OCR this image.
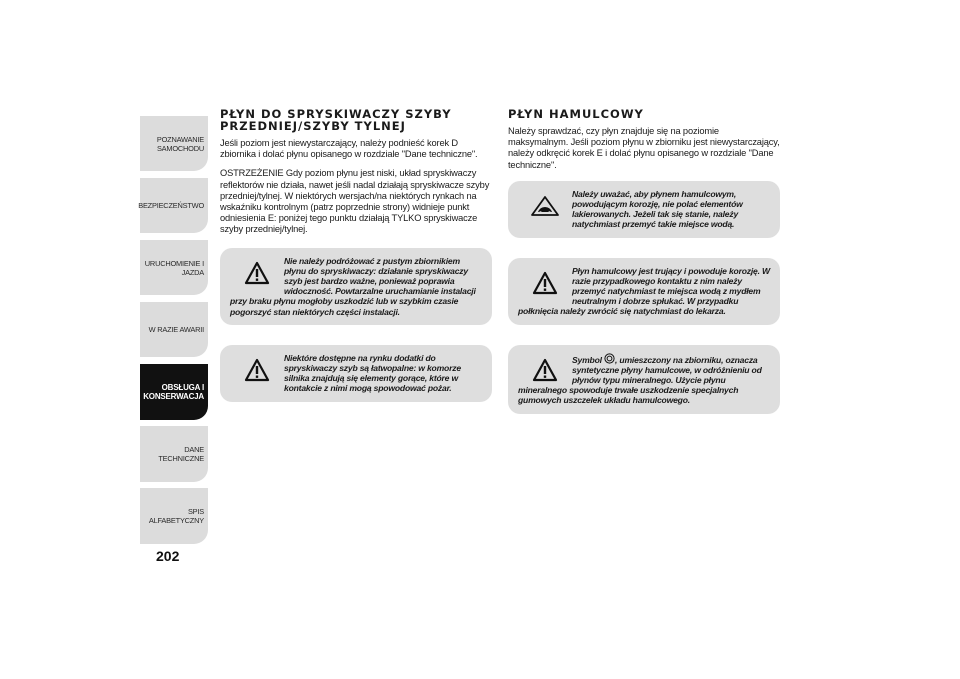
POZNAWANIE
SAMOCHODU
BEZPIECZEŃSTWO
URUCHOMIENIE I
JAZDA
W RAZIE AWARII
OBSŁUGA I
KONSERWACJA
DANE TECHNICZNE
SPIS ALFABETYCZNY
202
PŁYN DO SPRYSKIWACZY SZYBY PRZEDNIEJ/SZYBY TYLNEJ

Jeśli poziom jest niewystarczający, należy podnieść korek D zbiornika i dolać płynu opisanego w rozdziale "Dane techniczne".

OSTRZEŻENIE Gdy poziom płynu jest niski, układ spryskiwaczy reflektorów nie działa, nawet jeśli nadal działają spryskiwacze szyby przedniej/tylnej. W niektórych wersjach/na niektórych rynkach na wskaźniku kontrolnym (patrz poprzednie strony) widnieje punkt odniesienia E: poniżej tego punktu działają TYLKO spryskiwacze szyby przedniej/tylnej.

Nie należy podróżować z pustym zbiornikiem płynu do spryskiwaczy: działanie spryskiwaczy szyb jest bardzo ważne, ponieważ poprawia widoczność. Powtarzalne uruchamianie instalacji przy braku płynu mogłoby uszkodzić lub w szybkim czasie pogorszyć stan niektórych części instalacji.
Niektóre dostępne na rynku dodatki do spryskiwaczy szyb są łatwopalne: w komorze silnika znajdują się elementy gorące, które w kontakcie z nimi mogą spowodować pożar.
PŁYN HAMULCOWY

Należy sprawdzać, czy płyn znajduje się na poziomie maksymalnym. Jeśli poziom płynu w zbiorniku jest niewystarczający, należy odkręcić korek E i dolać płynu opisanego w rozdziale "Dane techniczne".

Należy uważać, aby płynem hamulcowym, powodującym korozję, nie polać elementów lakierowanych. Jeżeli tak się stanie, należy natychmiast przemyć takie miejsce wodą.
Płyn hamulcowy jest trujący i powoduje korozję. W razie przypadkowego kontaktu z nim należy przemyć natychmiast te miejsca wodą z mydłem neutralnym i dobrze spłukać. W przypadku połknięcia należy zwrócić się natychmiast do lekarza.
Symbol , umieszczony na zbiorniku, oznacza syntetyczne płyny hamulcowe, w odróżnieniu od płynów typu mineralnego. Użycie płynu mineralnego spowoduje trwałe uszkodzenie specjalnych gumowych uszczelek układu hamulcowego.
